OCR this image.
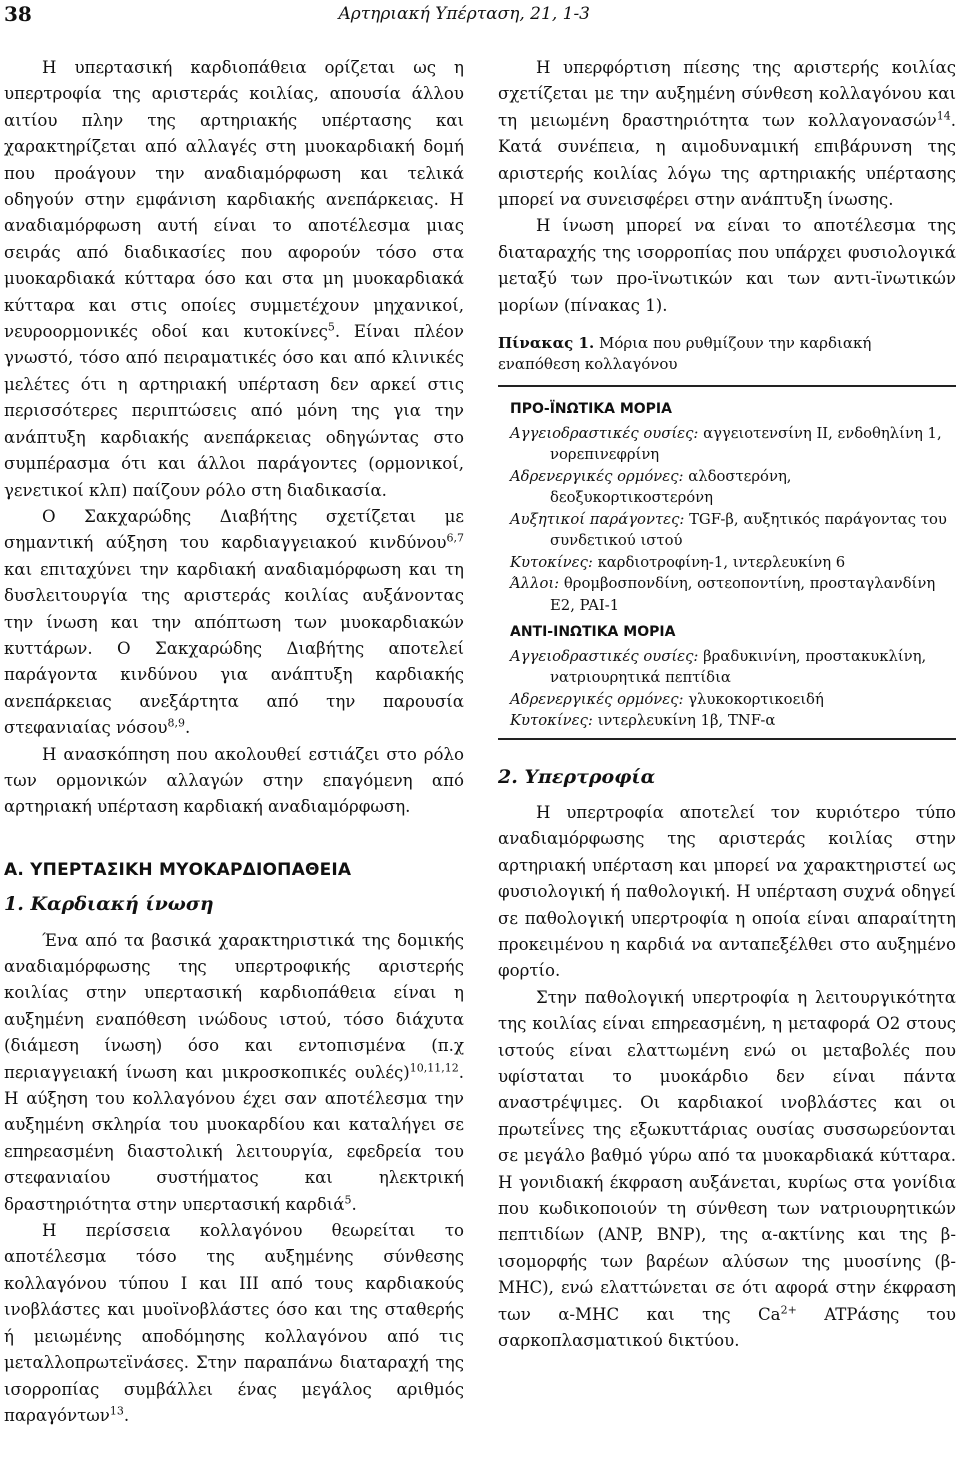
38	Αρτηριακή Υπέρταση, 21, 1-3

Η υπερτασική καρδιοπάθεια ορίζεται ως η υπερτροφία της αριστεράς κοιλίας, απουσία άλλου αιτίου πλην της αρτηριακής υπέρτασης και χαρακτηρίζεται από αλλαγές στη μυοκαρδιακή δομή που προάγουν την αναδιαμόρφωση και τελικά οδηγούν στην εμφάνιση καρδιακής ανεπάρκειας. Η αναδιαμόρφωση αυτή είναι το αποτέλεσμα μιας σειράς από διαδικασίες που αφορούν τόσο στα μυοκαρδιακά κύτταρα όσο και στα μη μυοκαρδιακά κύτταρα και στις οποίες συμμετέχουν μηχανικοί, νευροορμονικές οδοί και κυτοκίνες$^5$. Είναι πλέον γνωστό, τόσο από πειραματικές όσο και από κλινικές μελέτες ότι η αρτηριακή υπέρταση δεν αρκεί στις περισσότερες περιπτώσεις από μόνη της για την ανάπτυξη καρδιακής ανεπάρκειας οδηγώντας στο συμπέρασμα ότι και άλλοι παράγοντες (ορμονικοί, γενετικοί κλπ) παίζουν ρόλο στη διαδικασία.

Ο Σακχαρώδης Διαβήτης σχετίζεται με σημαντική αύξηση του καρδιαγγειακού κινδύνου$^{6,7}$ και επιταχύνει την καρδιακή αναδιαμόρφωση και τη δυσλειτουργία της αριστεράς κοιλίας αυξάνοντας την ίνωση και την απόπτωση των μυοκαρδιακών κυττάρων. Ο Σακχαρώδης Διαβήτης αποτελεί παράγοντα κινδύνου για ανάπτυξη καρδιακής ανεπάρκειας ανεξάρτητα από την παρουσία στεφανιαίας νόσου$^{8,9}$.

Η ανασκόπηση που ακολουθεί εστιάζει στο ρόλο των ορμονικών αλλαγών στην επαγόμενη από αρτηριακή υπέρταση καρδιακή αναδιαμόρφωση.

Α. ΥΠΕΡΤΑΣΙΚΗ ΜΥΟΚΑΡΔΙΟΠΑΘΕΙΑ
1. Καρδιακή ίνωση

Ένα από τα βασικά χαρακτηριστικά της δομικής αναδιαμόρφωσης της υπερτροφικής αριστερής κοιλίας στην υπερτασική καρδιοπάθεια είναι η αυξημένη εναπόθεση ινώδους ιστού, τόσο διάχυτα (διάμεση ίνωση) όσο και εντοπισμένα (π.χ περιαγγειακή ίνωση και μικροσκοπικές ουλές)$^{10,11,12}$. Η αύξηση του κολλαγόνου έχει σαν αποτέλεσμα την αυξημένη σκληρία του μυοκαρδίου και καταλήγει σε επηρεασμένη διαστολική λειτουργία, εφεδρεία του στεφανιαίου συστήματος και ηλεκτρική δραστηριότητα στην υπερτασική καρδιά$^5$.

Η περίσσεια κολλαγόνου θεωρείται το αποτέλεσμα τόσο της αυξημένης σύνθεσης κολλαγόνου τύπου I και III από τους καρδιακούς ινοβλάστες και μυοϊνοβλάστες όσο και της σταθερής ή μειωμένης αποδόμησης κολλαγόνου από τις μεταλλοπρωτεϊνάσες. Στην παραπάνω διαταραχή της ισορροπίας συμβάλλει ένας μεγάλος αριθμός παραγόντων$^{13}$.

Η υπερφόρτιση πίεσης της αριστερής κοιλίας σχετίζεται με την αυξημένη σύνθεση κολλαγόνου και τη μειωμένη δραστηριότητα των κολλαγονασών$^{14}$. Κατά συνέπεια, η αιμοδυναμική επιβάρυνση της αριστερής κοιλίας λόγω της αρτηριακής υπέρτασης μπορεί να συνεισφέρει στην ανάπτυξη ίνωσης.

Η ίνωση μπορεί να είναι το αποτέλεσμα της διαταραχής της ισορροπίας που υπάρχει φυσιολογικά μεταξύ των προ-ϊνωτικών και των αντι-ϊνωτικών μορίων (πίνακας 1).

Πίνακας 1. Μόρια που ρυθμίζουν την καρδιακή εναπόθεση κολλαγόνου
ΠΡΟ-ΪΝΩΤΙΚΑ ΜΟΡΙΑ
Αγγειοδραστικές ουσίες: αγγειοτενσίνη ΙΙ, ενδοθηλίνη 1, νορεπινεφρίνη
Αδρενεργικές ορμόνες: αλδοστερόνη, δεοξυκορτικοστερόνη
Αυξητικοί παράγοντες: TGF-β, αυξητικός παράγοντας του συνδετικού ιστού
Κυτοκίνες: καρδιοτροφίνη-1, ιντερλευκίνη 6
Άλλοι: θρομβοσπονδίνη, οστεοποντίνη, προσταγλανδίνη Ε2, PAI-1
ΑΝΤΙ-ΙΝΩΤΙΚΑ ΜΟΡΙΑ
Αγγειοδραστικές ουσίες: βραδυκινίνη, προστακυκλίνη, νατριουρητικά πεπτίδια
Αδρενεργικές ορμόνες: γλυκοκορτικοειδή
Κυτοκίνες: ιντερλευκίνη 1β, TNF-α
2. Υπερτροφία

Η υπερτροφία αποτελεί τον κυριότερο τύπο αναδιαμόρφωσης της αριστεράς κοιλίας στην αρτηριακή υπέρταση και μπορεί να χαρακτηριστεί ως φυσιολογική ή παθολογική. Η υπέρταση συχνά οδηγεί σε παθολογική υπερτροφία η οποία είναι απαραίτητη προκειμένου η καρδιά να ανταπεξέλθει στο αυξημένο φορτίο.

Στην παθολογική υπερτροφία η λειτουργικότητα της κοιλίας είναι επηρεασμένη, η μεταφορά O2 στους ιστούς είναι ελαττωμένη ενώ οι μεταβολές που υφίσταται το μυοκάρδιο δεν είναι πάντα αναστρέψιμες. Οι καρδιακοί ινοβλάστες και οι πρωτεΐνες της εξωκυττάριας ουσίας συσσωρεύονται σε μεγάλο βαθμό γύρω από τα μυοκαρδιακά κύτταρα. Η γονιδιακή έκφραση αυξάνεται, κυρίως στα γονίδια που κωδικοποιούν τη σύνθεση των νατριουρητικών πεπτιδίων (ANP, BNP), της α-ακτίνης και της β-ισομορφής των βαρέων αλύσων της μυοσίνης (β-MHC), ενώ ελαττώνεται σε ότι αφορά στην έκφραση των α-MHC και της $Ca^{2+}$ ATPάσης του σαρκοπλασματικού δικτύου.
